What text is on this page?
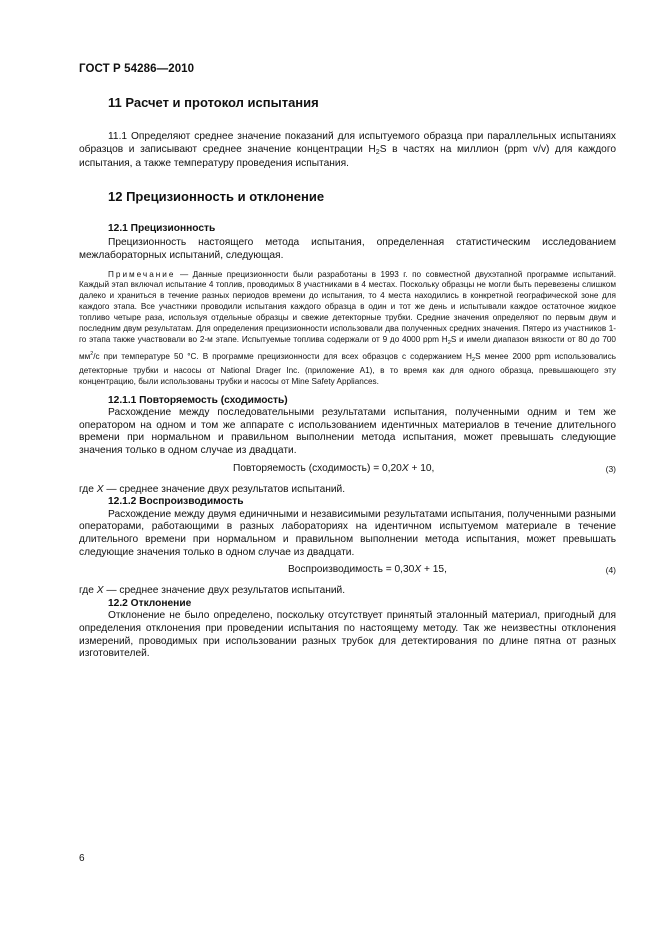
ГОСТ Р 54286—2010
11 Расчет и протокол испытания

11.1 Определяют среднее значение показаний для испытуемого образца при параллельных испытаниях образцов и записывают среднее значение концентрации $H_2S$ в частях на миллион (ppm v/v) для каждого испытания, а также температуру проведения испытания.

12 Прецизионность и отклонение
12.1 Прецизионность

Прецизионность настоящего метода испытания, определенная статистическим исследованием межлабораторных испытаний, следующая.

Примечание — Данные прецизионности были разработаны в 1993 г. по совместной двухэтапной программе испытаний. Каждый этап включал испытание 4 топлив, проводимых 8 участниками в 4 местах. Поскольку образцы не могли быть перевезены слишком далеко и храниться в течение разных периодов времени до испытания, то 4 места находились в конкретной географической зоне для каждого этапа. Все участники проводили испытания каждого образца в один и тот же день и испытывали каждое остаточное жидкое топливо четыре раза, используя отдельные образцы и свежие детекторные трубки. Средние значения определяют по первым двум и последним двум результатам. Для определения прецизионности использовали два полученных средних значения. Пятеро из участников 1-го этапа также участвовали во 2-м этапе. Испытуемые топлива содержали от 9 до 4000 ppm $H_2S$ и имели диапазон вязкости от 80 до 700 $мм^2/с$ при температуре 50 °C. В программе прецизионности для всех образцов с содержанием $H_2S$ менее 2000 ppm использовались детекторные трубки и насосы от National Drager Inc. (приложение А1), в то время как для одного образца, превышающего эту концентрацию, были использованы трубки и насосы от Mine Safety Appliances.

12.1.1 Повторяемость (сходимость)

Расхождение между последовательными результатами испытания, полученными одним и тем же оператором на одном и том же аппарате с использованием идентичных материалов в течение длительного времени при нормальном и правильном выполнении метода испытания, может превышать следующие значения только в одном случае из двадцати.

Повторяемость (сходимость) = 0,20X + 10,	(3)

где X — среднее значение двух результатов испытаний.

12.1.2 Воспроизводимость

Расхождение между двумя единичными и независимыми результатами испытания, полученными разными операторами, работающими в разных лабораториях на идентичном испытуемом материале в течение длительного времени при нормальном и правильном выполнении метода испытания, может превышать следующие значения только в одном случае из двадцати.

Воспроизводимость = 0,30X + 15,	(4)

где X — среднее значение двух результатов испытаний.

12.2 Отклонение

Отклонение не было определено, поскольку отсутствует принятый эталонный материал, пригодный для определения отклонения при проведении испытания по настоящему методу. Так же неизвестны отклонения измерений, проводимых при использовании разных трубок для детектирования по длине пятна от разных изготовителей.

6
